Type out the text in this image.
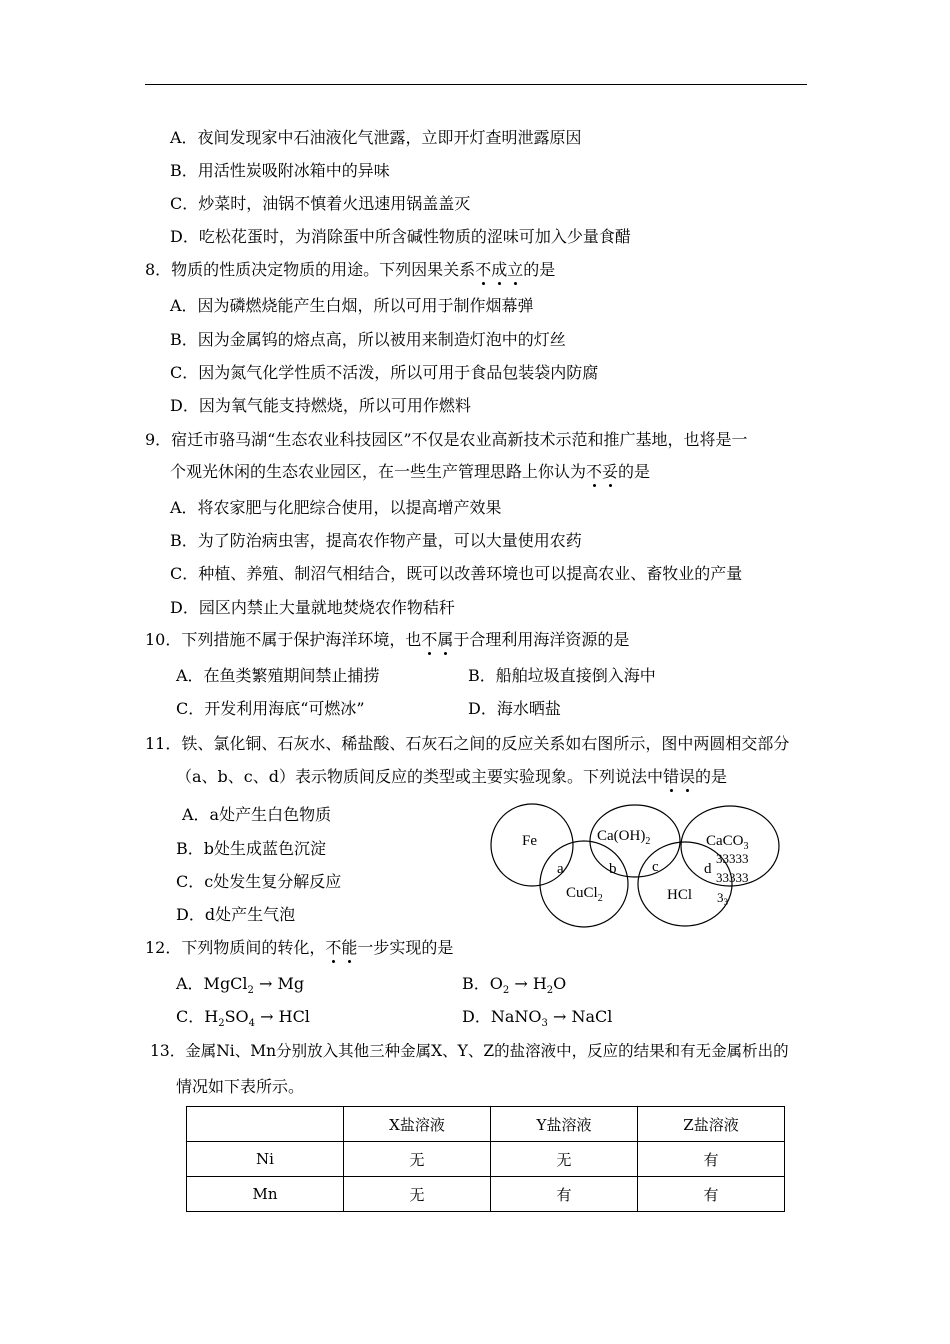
A．夜间发现家中石油液化气泄露，立即开灯查明泄露原因
B．用活性炭吸附冰箱中的异味
C．炒菜时，油锅不慎着火迅速用锅盖盖灭
D．吃松花蛋时，为消除蛋中所含碱性物质的涩味可加入少量食醋
8．物质的性质决定物质的用途。下列因果关系不成立的是
A．因为磷燃烧能产生白烟，所以可用于制作烟幕弹
B．因为金属钨的熔点高，所以被用来制造灯泡中的灯丝
C．因为氮气化学性质不活泼，所以可用于食品包装袋内防腐
D．因为氧气能支持燃烧，所以可用作燃料
9．宿迁市骆马湖“生态农业科技园区”不仅是农业高新技术示范和推广基地，也将是一
个观光休闲的生态农业园区，在一些生产管理思路上你认为不妥的是
A．将农家肥与化肥综合使用，以提高增产效果
B．为了防治病虫害，提高农作物产量，可以大量使用农药
C．种植、养殖、制沼气相结合，既可以改善环境也可以提高农业、畜牧业的产量
D．园区内禁止大量就地焚烧农作物秸秆
10．下列措施不属于保护海洋环境，也不属于合理利用海洋资源的是
A．在鱼类繁殖期间禁止捕捞	B．船舶垃圾直接倒入海中
C．开发利用海底“可燃冰”	D．海水晒盐
11．铁、氯化铜、石灰水、稀盐酸、石灰石之间的反应关系如右图所示，图中两圆相交部分
（a、b、c、d）表示物质间反应的类型或主要实验现象。下列说法中错误的是
A．a处产生白色物质
B．b处生成蓝色沉淀
C．c处发生复分解反应
D．d处产生气泡
Fe	$Ca(OH)_2$	CaCO$_3$
33333
33333
$3_3$
CuCl$_2$	HCl
a	b c	d
12．下列物质间的转化，不能一步实现的是
A．MgCl$_2$ → Mg	B．$O_2 \to H_2O$
C．$H_2SO_4$ → HCl	D．NaNO$_3$ → NaCl
13．金属Ni、Mn分别放入其他三种金属X、Y、Z的盐溶液中，反应的结果和有无金属析出的
情况如下表所示。
	X盐溶液	Y盐溶液	Z盐溶液
Ni	无	无	有
Mn	无	有	有
